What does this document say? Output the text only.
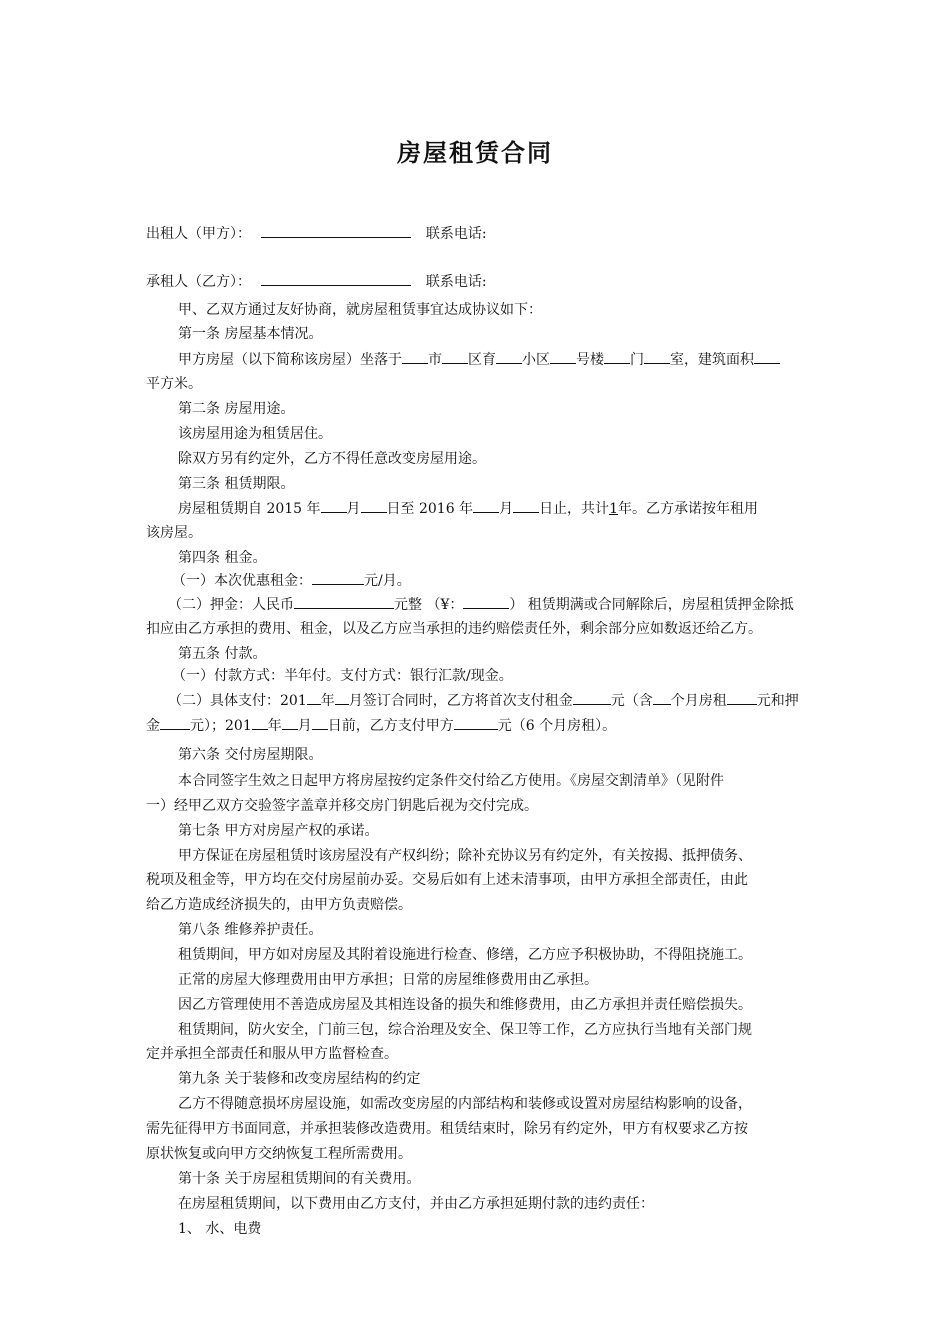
房屋租赁合同
出租人（甲方）：	联系电话:
承租人（乙方）：	联系电话:
甲、乙双方通过友好协商，就房屋租赁事宜达成协议如下：
第一条 房屋基本情况。
甲方房屋（以下简称该房屋）坐落于 市 区育 小区 号楼 门 室，建筑面积
平方米。
第二条 房屋用途。
该房屋用途为租赁居住。
除双方另有约定外，乙方不得任意改变房屋用途。
第三条 租赁期限。
房屋租赁期自 2015 年 月 日至 2016 年 月 日止，共计1年。乙方承诺按年租用
该房屋。
第四条 租金。
（一）本次优惠租金：	元/月。
（二）押金：人民币	元整 （¥：	） 租赁期满或合同解除后，房屋租赁押金除抵
扣应由乙方承担的费用、租金，以及乙方应当承担的违约赔偿责任外，剩余部分应如数返还给乙方。
第五条 付款。
（一）付款方式：半年付。支付方式：银行汇款/现金。
（二）具体支付：201 年 月签订合同时，乙方将首次支付租金	元（含 个月房租 元和押
金 元）；201 年 月 日前，乙方支付甲方	元（6 个月房租）。
第六条 交付房屋期限。
本合同签字生效之日起甲方将房屋按约定条件交付给乙方使用。《房屋交割清单》（见附件
一）经甲乙双方交验签字盖章并移交房门钥匙后视为交付完成。
第七条 甲方对房屋产权的承诺。
甲方保证在房屋租赁时该房屋没有产权纠纷；除补充协议另有约定外，有关按揭、抵押债务、
税项及租金等，甲方均在交付房屋前办妥。交易后如有上述未清事项，由甲方承担全部责任，由此
给乙方造成经济损失的，由甲方负责赔偿。
第八条 维修养护责任。
租赁期间，甲方如对房屋及其附着设施进行检查、修缮，乙方应予积极协助，不得阻挠施工。
正常的房屋大修理费用由甲方承担；日常的房屋维修费用由乙承担。
因乙方管理使用不善造成房屋及其相连设备的损失和维修费用，由乙方承担并责任赔偿损失。
租赁期间，防火安全，门前三包，综合治理及安全、保卫等工作，乙方应执行当地有关部门规
定并承担全部责任和服从甲方监督检查。
第九条 关于装修和改变房屋结构的约定
乙方不得随意损坏房屋设施，如需改变房屋的内部结构和装修或设置对房屋结构影响的设备，
需先征得甲方书面同意，并承担装修改造费用。租赁结束时，除另有约定外，甲方有权要求乙方按
原状恢复或向甲方交纳恢复工程所需费用。
第十条 关于房屋租赁期间的有关费用。
在房屋租赁期间，以下费用由乙方支付，并由乙方承担延期付款的违约责任：
1、 水、电费
